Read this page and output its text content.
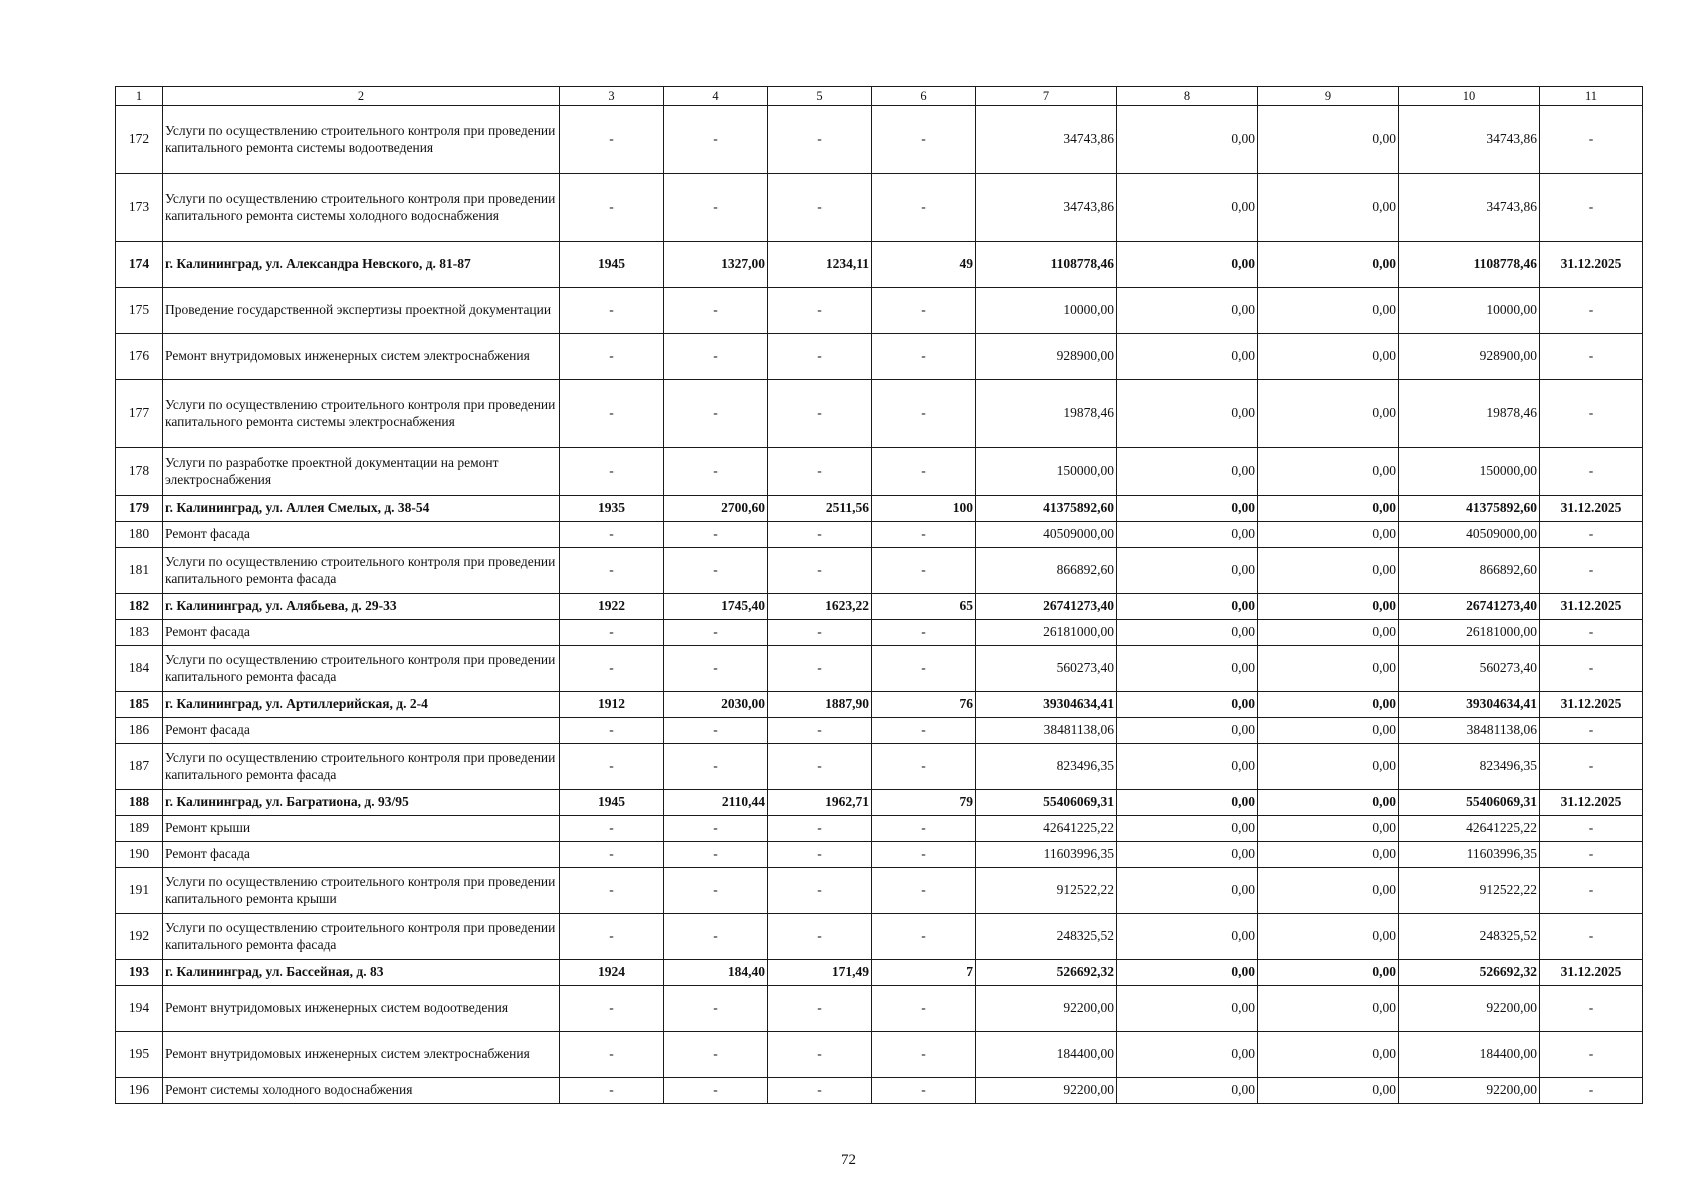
1	2	3	4	5	6	7	8	9	10	11
172	Услуги по осуществлению строительного контроля при проведении капитального ремонта системы водоотведения	-	-	-	-	34743,86	0,00	0,00	34743,86	-
173	Услуги по осуществлению строительного контроля при проведении капитального ремонта системы холодного водоснабжения	-	-	-	-	34743,86	0,00	0,00	34743,86	-
174	г. Калининград, ул. Александра Невского, д. 81-87	1945	1327,00	1234,11	49	1108778,46	0,00	0,00	1108778,46	31.12.2025
175	Проведение государственной экспертизы проектной документации	-	-	-	-	10000,00	0,00	0,00	10000,00	-
176	Ремонт внутридомовых инженерных систем электроснабжения	-	-	-	-	928900,00	0,00	0,00	928900,00	-
177	Услуги по осуществлению строительного контроля при проведении капитального ремонта системы электроснабжения	-	-	-	-	19878,46	0,00	0,00	19878,46	-
178	Услуги по разработке проектной документации на ремонт электроснабжения	-	-	-	-	150000,00	0,00	0,00	150000,00	-
179	г. Калининград, ул. Аллея Смелых, д. 38-54	1935	2700,60	2511,56	100	41375892,60	0,00	0,00	41375892,60	31.12.2025
180	Ремонт фасада	-	-	-	-	40509000,00	0,00	0,00	40509000,00	-
181	Услуги по осуществлению строительного контроля при проведении капитального ремонта фасада	-	-	-	-	866892,60	0,00	0,00	866892,60	-
182	г. Калининград, ул. Алябьева, д. 29-33	1922	1745,40	1623,22	65	26741273,40	0,00	0,00	26741273,40	31.12.2025
183	Ремонт фасада	-	-	-	-	26181000,00	0,00	0,00	26181000,00	-
184	Услуги по осуществлению строительного контроля при проведении капитального ремонта фасада	-	-	-	-	560273,40	0,00	0,00	560273,40	-
185	г. Калининград, ул. Артиллерийская, д. 2-4	1912	2030,00	1887,90	76	39304634,41	0,00	0,00	39304634,41	31.12.2025
186	Ремонт фасада	-	-	-	-	38481138,06	0,00	0,00	38481138,06	-
187	Услуги по осуществлению строительного контроля при проведении капитального ремонта фасада	-	-	-	-	823496,35	0,00	0,00	823496,35	-
188	г. Калининград, ул. Багратиона, д. 93/95	1945	2110,44	1962,71	79	55406069,31	0,00	0,00	55406069,31	31.12.2025
189	Ремонт крыши	-	-	-	-	42641225,22	0,00	0,00	42641225,22	-
190	Ремонт фасада	-	-	-	-	11603996,35	0,00	0,00	11603996,35	-
191	Услуги по осуществлению строительного контроля при проведении капитального ремонта крыши	-	-	-	-	912522,22	0,00	0,00	912522,22	-
192	Услуги по осуществлению строительного контроля при проведении капитального ремонта фасада	-	-	-	-	248325,52	0,00	0,00	248325,52	-
193	г. Калининград, ул. Бассейная, д. 83	1924	184,40	171,49	7	526692,32	0,00	0,00	526692,32	31.12.2025
194	Ремонт внутридомовых инженерных систем водоотведения	-	-	-	-	92200,00	0,00	0,00	92200,00	-
195	Ремонт внутридомовых инженерных систем электроснабжения	-	-	-	-	184400,00	0,00	0,00	184400,00	-
196	Ремонт системы холодного водоснабжения	-	-	-	-	92200,00	0,00	0,00	92200,00	-
72
